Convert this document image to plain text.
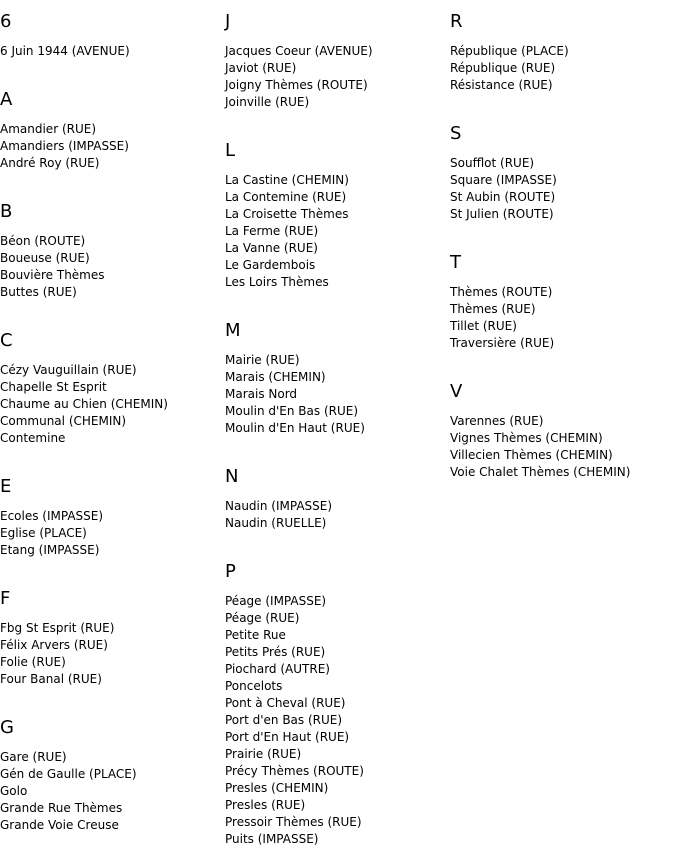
6
6 Juin 1944 (AVENUE)
A
Amandier (RUE)
Amandiers (IMPASSE)
André Roy (RUE)
B
Béon (ROUTE)
Boueuse (RUE)
Bouvière Thèmes
Buttes (RUE)
C
Cézy Vauguillain (RUE)
Chapelle St Esprit
Chaume au Chien (CHEMIN)
Communal (CHEMIN)
Contemine
E
Ecoles (IMPASSE)
Eglise (PLACE)
Etang (IMPASSE)
F
Fbg St Esprit (RUE)
Félix Arvers (RUE)
Folie (RUE)
Four Banal (RUE)
G
Gare (RUE)
Gén de Gaulle (PLACE)
Golo
Grande Rue Thèmes
Grande Voie Creuse
J
Jacques Coeur (AVENUE)
Javiot (RUE)
Joigny Thèmes (ROUTE)
Joinville (RUE)
L
La Castine (CHEMIN)
La Contemine (RUE)
La Croisette Thèmes
La Ferme (RUE)
La Vanne (RUE)
Le Gardembois
Les Loirs Thèmes
M
Mairie (RUE)
Marais (CHEMIN)
Marais Nord
Moulin d'En Bas (RUE)
Moulin d'En Haut (RUE)
N
Naudin (IMPASSE)
Naudin (RUELLE)
P
Péage (IMPASSE)
Péage (RUE)
Petite Rue
Petits Prés (RUE)
Piochard (AUTRE)
Poncelots
Pont à Cheval (RUE)
Port d'en Bas (RUE)
Port d'En Haut (RUE)
Prairie (RUE)
Précy Thèmes (ROUTE)
Presles (CHEMIN)
Presles (RUE)
Pressoir Thèmes (RUE)
Puits (IMPASSE)
R
République (PLACE)
République (RUE)
Résistance (RUE)
S
Soufflot (RUE)
Square (IMPASSE)
St Aubin (ROUTE)
St Julien (ROUTE)
T
Thèmes (ROUTE)
Thèmes (RUE)
Tillet (RUE)
Traversière (RUE)
V
Varennes (RUE)
Vignes Thèmes (CHEMIN)
Villecien Thèmes (CHEMIN)
Voie Chalet Thèmes (CHEMIN)
